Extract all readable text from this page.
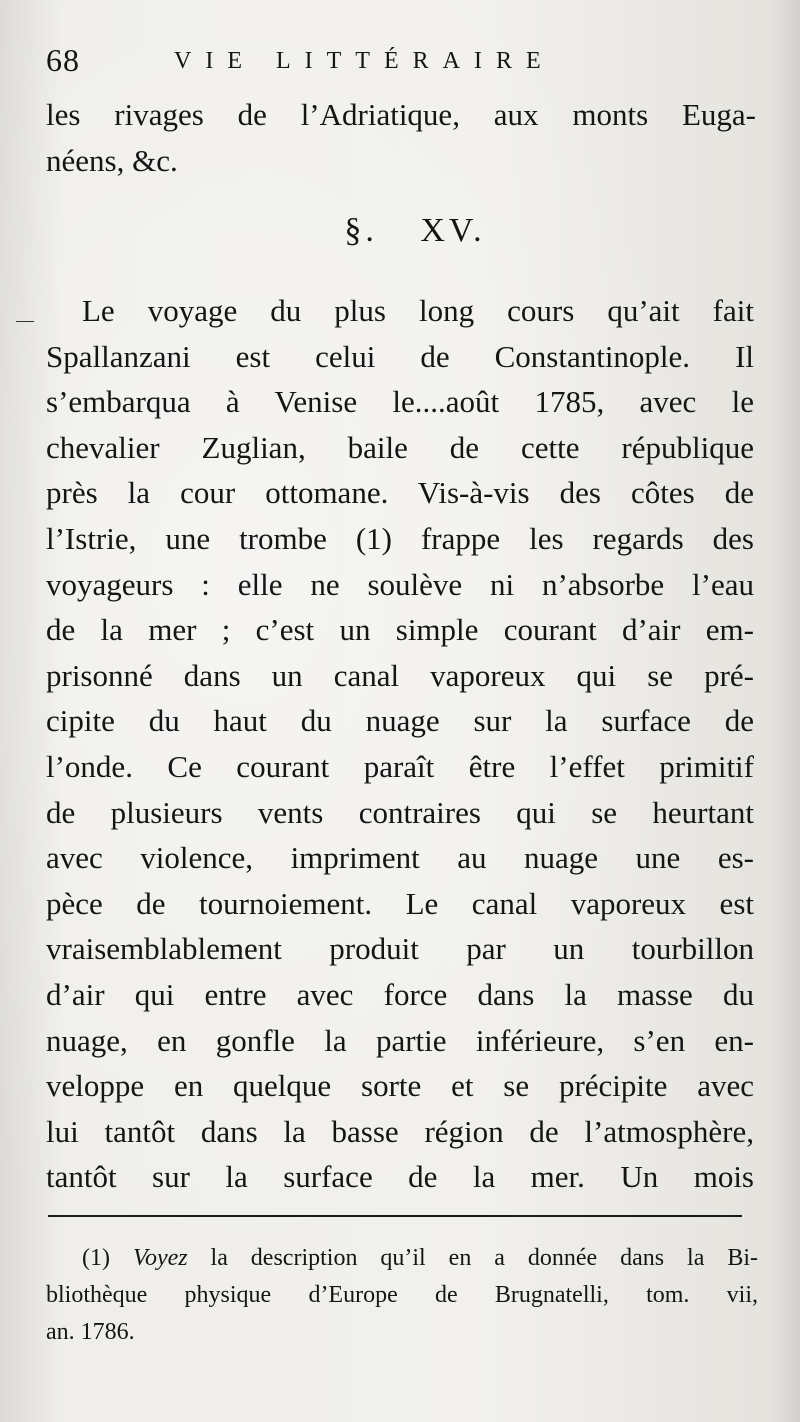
68	VIE LITTÉRAIRE
les rivages de l’Adriatique, aux monts Euga-
néens, &c.
§. XV.
Le voyage du plus long cours qu’ait fait
Spallanzani est celui de Constantinople. Il
s’embarqua à Venise le....août 1785, avec le
chevalier Zuglian, baile de cette république
près la cour ottomane. Vis-à-vis des côtes de
l’Istrie, une trombe (1) frappe les regards des
voyageurs : elle ne soulève ni n’absorbe l’eau
de la mer ; c’est un simple courant d’air em-
prisonné dans un canal vaporeux qui se pré-
cipite du haut du nuage sur la surface de
l’onde. Ce courant paraît être l’effet primitif
de plusieurs vents contraires qui se heurtant
avec violence, impriment au nuage une es-
pèce de tournoiement. Le canal vaporeux est
vraisemblablement produit par un tourbillon
d’air qui entre avec force dans la masse du
nuage, en gonfle la partie inférieure, s’en en-
veloppe en quelque sorte et se précipite avec
lui tantôt dans la basse région de l’atmosphère,
tantôt sur la surface de la mer. Un mois
(1) Voyez la description qu’il en a donnée dans la Bi-
bliothèque physique d’Europe de Brugnatelli, tom. vii,
an. 1786.
